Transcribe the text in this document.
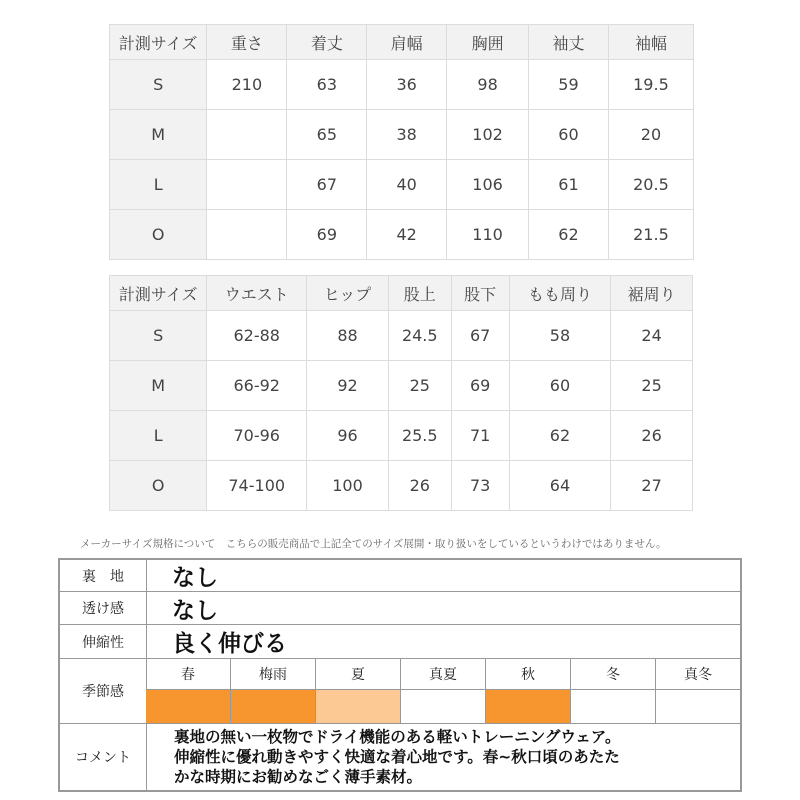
計測サイズ	重さ	着丈	肩幅	胸囲	袖丈	袖幅
S	210	63	36	98	59	19.5
M		65	38	102	60	20
L		67	40	106	61	20.5
O		69	42	110	62	21.5
計測サイズ	ウエスト	ヒップ	股上	股下	もも周り	裾周り
S	62-88	88	24.5	67	58	24
M	66-92	92	25	69	60	25
L	70-96	96	25.5	71	62	26
O	74-100	100	26	73	64	27
メーカーサイズ規格について　こちらの販売商品で上記全てのサイズ展開・取り扱いをしているというわけではありません。
裏　地	なし
透け感	なし
伸縮性	良く伸びる
季節感
春	梅雨	夏	真夏	秋	冬	真冬
コメント
裏地の無い一枚物でドライ機能のある軽いトレーニングウェア。
伸縮性に優れ動きやすく快適な着心地です。春~秋口頃のあたた
かな時期にお勧めなごく薄手素材。
